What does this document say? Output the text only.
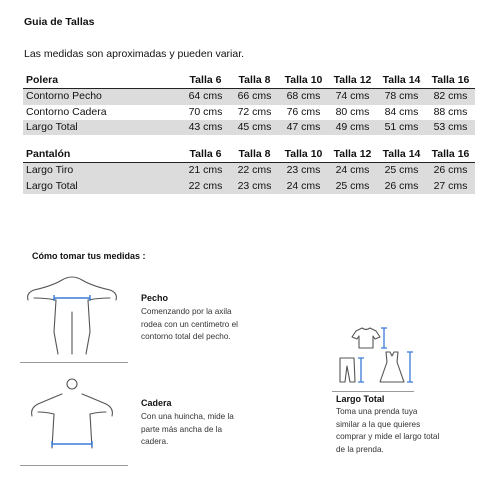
Guia de Tallas
Las medidas son aproximadas y pueden variar.
Polera	Talla 6	Talla 8	Talla 10	Talla 12	Talla 14	Talla 16
Contorno Pecho	64 cms	66 cms	68 cms	74 cms	78 cms	82 cms
Contorno Cadera	70 cms	72 cms	76 cms	80 cms	84 cms	88 cms
Largo Total	43 cms	45 cms	47 cms	49 cms	51 cms	53 cms
Pantalón	Talla 6	Talla 8	Talla 10	Talla 12	Talla 14	Talla 16
Largo Tiro	21 cms	22 cms	23 cms	24 cms	25 cms	26 cms
Largo Total	22 cms	23 cms	24 cms	25 cms	26 cms	27 cms
Cómo tomar tus medidas :
Pecho
Comenzando por la axila
rodea con un centimetro el
contorno total del pecho.
Cadera
Con una huincha, mide la
parte más ancha de la
cadera.
Largo Total
Toma una prenda tuya
similar a la que quieres
comprar y mide el largo total
de la prenda.
